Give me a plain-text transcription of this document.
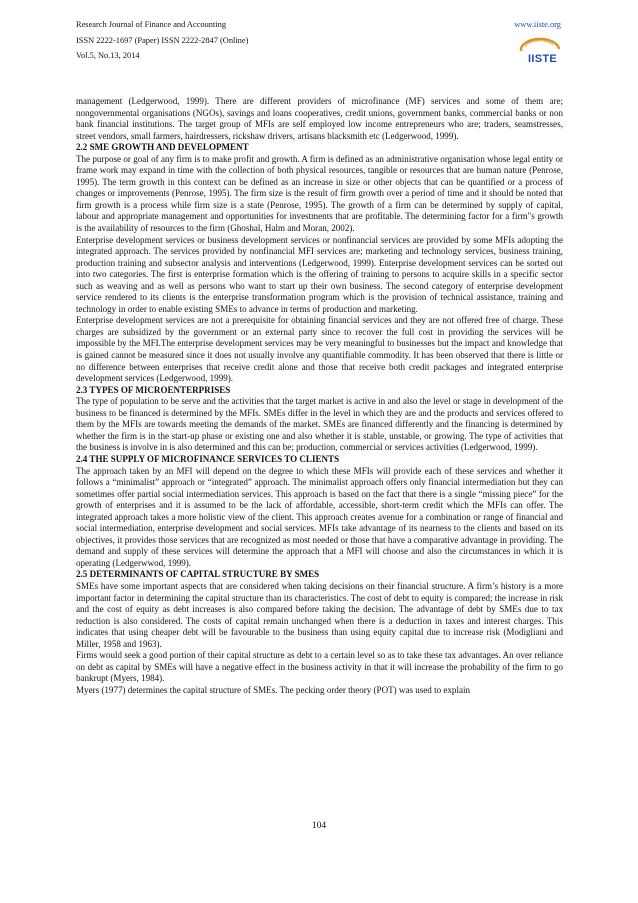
Research Journal of Finance and Accounting
ISSN 2222-1697 (Paper) ISSN 2222-2847 (Online)
Vol.5, No.13, 2014
www.iiste.org
IISTE

management (Ledgerwood, 1999). There are different providers of microfinance (MF) services and some of them are; nongovernmental organisations (NGOs), savings and loans cooperatives, credit unions, government banks, commercial banks or non bank financial institutions. The target group of MFIs are self employed low income entrepreneurs who are; traders, seamstresses, street vendors, small farmers, hairdressers, rickshaw drivers, artisans blacksmith etc (Ledgerwood, 1999).

2.2 SME GROWTH AND DEVELOPMENT

The purpose or goal of any firm is to make profit and growth. A firm is defined as an administrative organisation whose legal entity or frame work may expand in time with the collection of both physical resources, tangible or resources that are human nature (Penrose, 1995). The term growth in this context can be defined as an increase in size or other objects that can be quantified or a process of changes or improvements (Penrose, 1995). The firm size is the result of firm growth over a period of time and it should be noted that firm growth is a process while firm size is a state (Penrose, 1995). The growth of a firm can be determined by supply of capital, labour and appropriate management and opportunities for investments that are profitable. The determining factor for a firm"s growth is the availability of resources to the firm (Ghoshal, Halm and Moran, 2002).

Enterprise development services or business development services or nonfinancial services are provided by some MFIs adopting the integrated approach. The services provided by nonfinancial MFI services are; marketing and technology services, business training, production training and subsector analysis and interventions (Ledgerwood, 1999). Enterprise development services can be sorted out into two categories. The first is enterprise formation which is the offering of training to persons to acquire skills in a specific sector such as weaving and as well as persons who want to start up their own business. The second category of enterprise development service rendered to its clients is the enterprise transformation program which is the provision of technical assistance, training and technology in order to enable existing SMEs to advance in terms of production and marketing.

Enterprise development services are not a prerequisite for obtaining financial services and they are not offered free of charge. These charges are subsidized by the government or an external party since to recover the full cost in providing the services will be impossible by the MFI.The enterprise development services may be very meaningful to businesses but the impact and knowledge that is gained cannot be measured since it does not usually involve any quantifiable commodity. It has been observed that there is little or no difference between enterprises that receive credit alone and those that receive both credit packages and integrated enterprise development services (Ledgerwood, 1999).

2.3 TYPES OF MICROENTERPRISES

The type of population to be serve and the activities that the target market is active in and also the level or stage in development of the business to be financed is determined by the MFIs. SMEs differ in the level in which they are and the products and services offered to them by the MFIs are towards meeting the demands of the market. SMEs are financed differently and the financing is determined by whether the firm is in the start-up phase or existing one and also whether it is stable, unstable, or growing. The type of activities that the business is involve in is also determined and this can be; production, commercial or services activities (Ledgerwood, 1999).

2.4 THE SUPPLY OF MICROFINANCE SERVICES TO CLIENTS

The approach taken by an MFI will depend on the degree to which these MFIs will provide each of these services and whether it follows a “minimalist” approach or “integrated” approach. The minimalist approach offers only financial intermediation but they can sometimes offer partial social intermediation services. This approach is based on the fact that there is a single “missing piece” for the growth of enterprises and it is assumed to be the lack of affordable, accessible, short-term credit which the MFIs can offer. The integrated approach takes a more holistic view of the client. This approach creates avenue for a combination or range of financial and social intermediation, enterprise development and social services. MFIs take advantage of its nearness to the clients and based on its objectives, it provides those services that are recognized as most needed or those that have a comparative advantage in providing. The demand and supply of these services will determine the approach that a MFI will choose and also the circumstances in which it is operating (Ledgerwwod, 1999).

2.5 DETERMINANTS OF CAPITAL STRUCTURE BY SMES

SMEs have some important aspects that are considered when taking decisions on their financial structure. A firm’s history is a more important factor in determining the capital structure than its characteristics. The cost of debt to equity is compared; the increase in risk and the cost of equity as debt increases is also compared before taking the decision. The advantage of debt by SMEs due to tax reduction is also considered. The costs of capital remain unchanged when there is a deduction in taxes and interest charges. This indicates that using cheaper debt will be favourable to the business than using equity capital due to increase risk (Modigliani and Miller, 1958 and 1963).

Firms would seek a good portion of their capital structure as debt to a certain level so as to take these tax advantages. An over reliance on debt as capital by SMEs will have a negative effect in the business activity in that it will increase the probability of the firm to go bankrupt (Myers, 1984).

Myers (1977) determines the capital structure of SMEs. The pecking order theory (POT) was used to explain

104
